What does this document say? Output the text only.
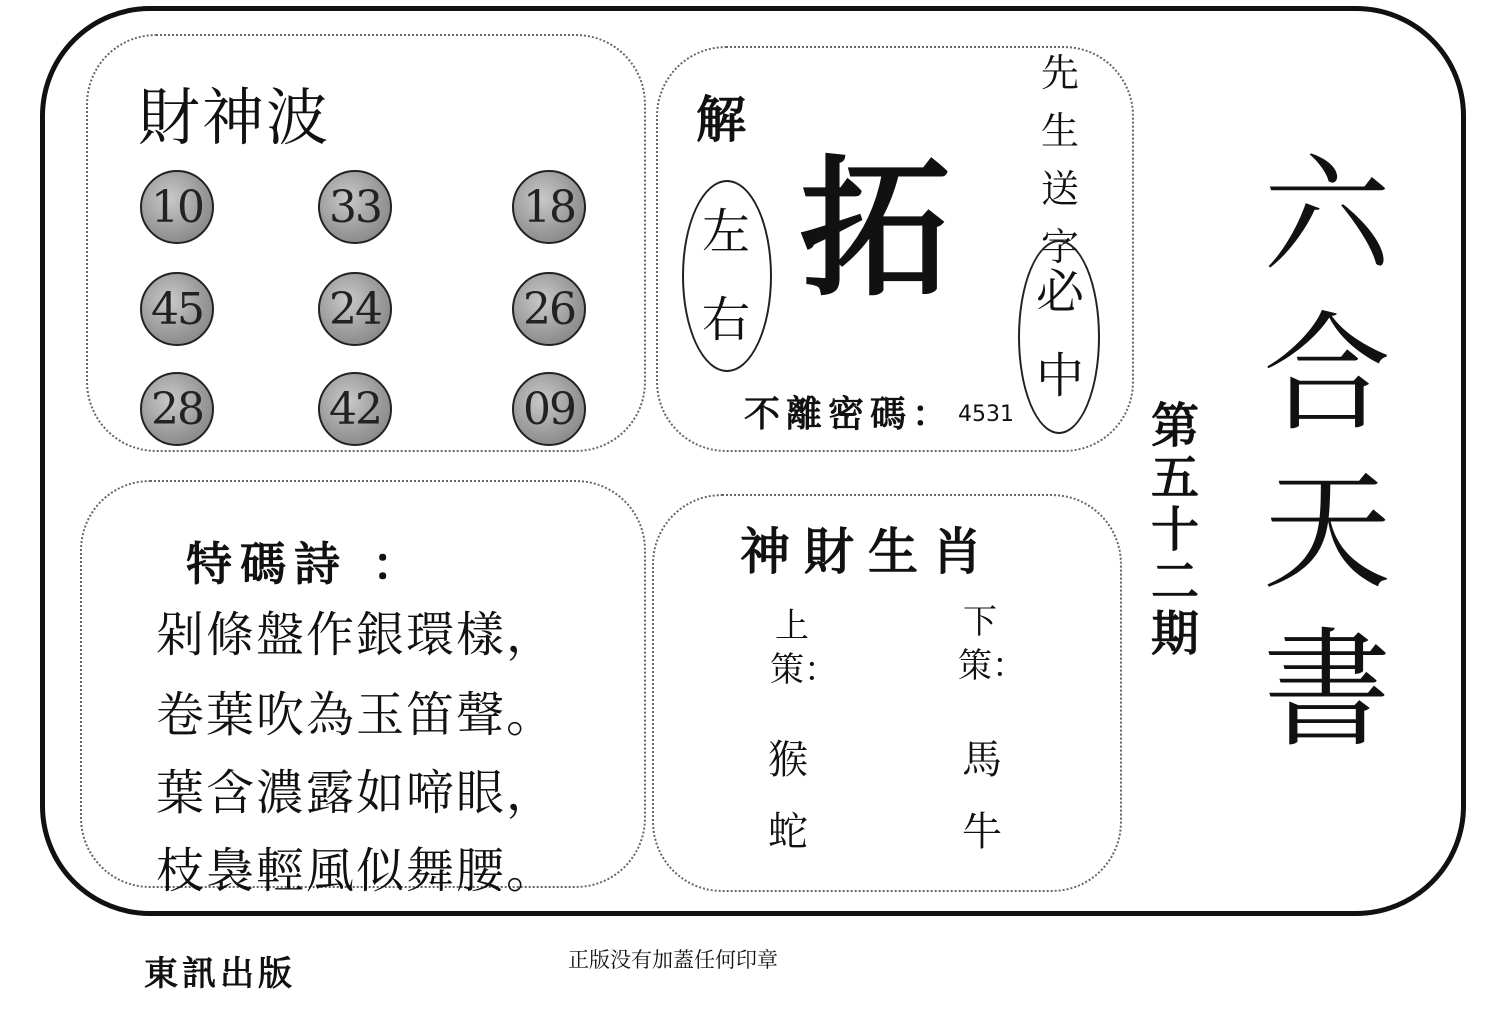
財神波
10	33	18
45	24	26
28	42	09
解
左
右
拓
先生送字
必
中
不離密碼： 4531
六合天書
第五十二期
特碼詩 ：
剁條盤作銀環樣，
卷葉吹為玉笛聲。
葉含濃露如啼眼，
枝裊輕風似舞腰。
神財生肖
上策：
猴
蛇
下策：
馬
牛
東訊出版	正版没有加蓋任何印章
